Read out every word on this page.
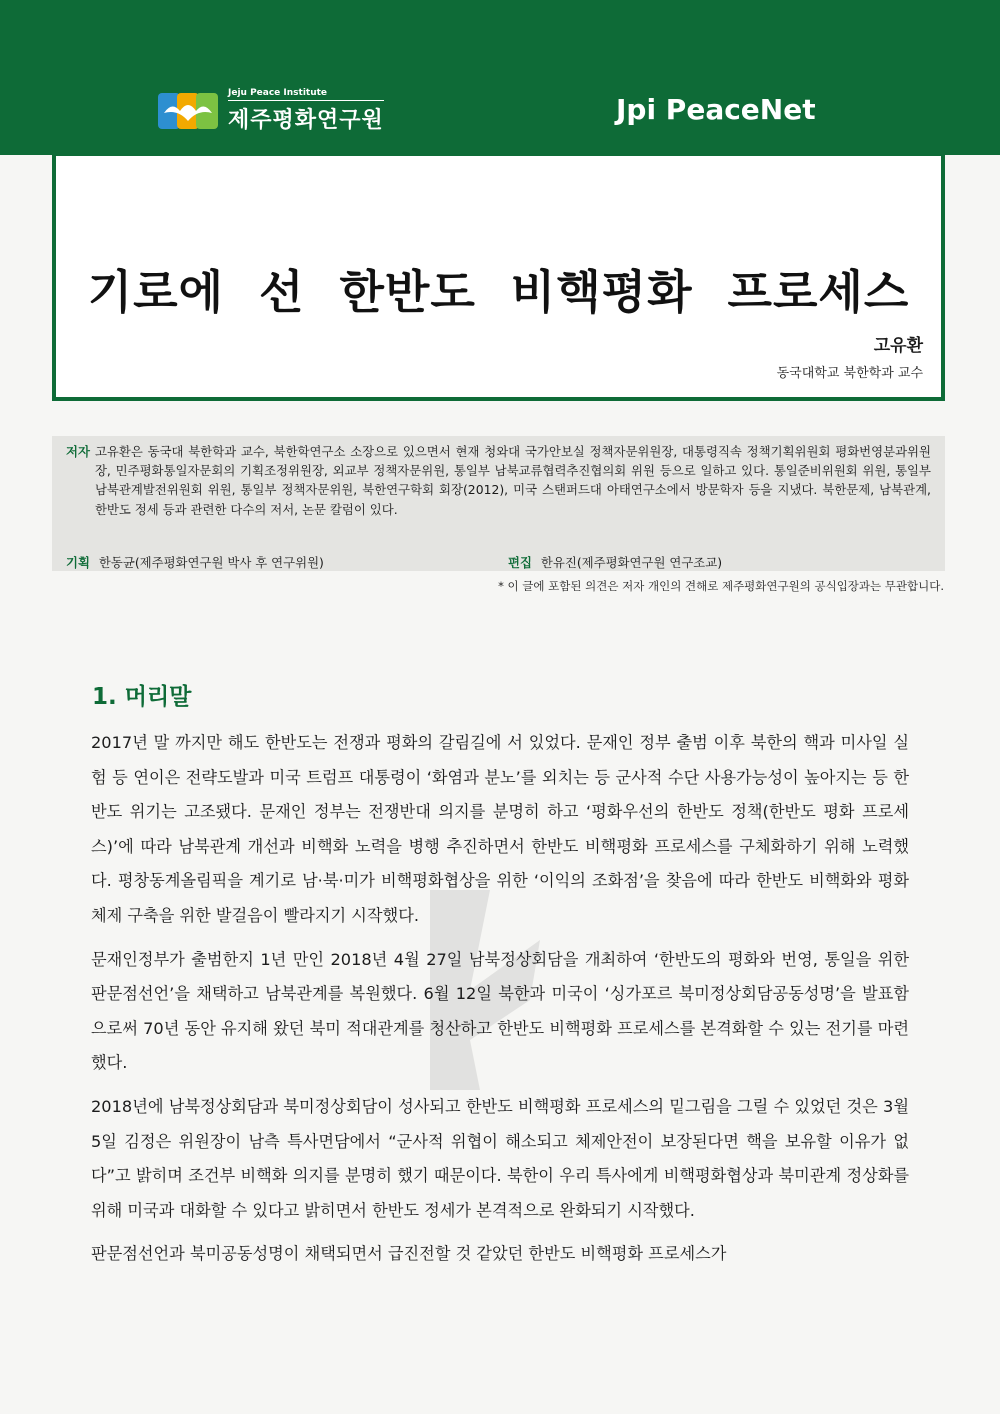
Jeju Peace Institute
제주평화연구원	Jpi PeaceNet
기로에 선 한반도 비핵평화 프로세스
고유환
동국대학교 북한학과 교수
저자 고유환은 동국대 북한학과 교수, 북한학연구소 소장으로 있으면서 현재 청와대 국가안보실 정책자문위원장, 대통령직속 정책기획위원회 평화번영분과위원장, 민주평화통일자문회의 기획조정위원장, 외교부 정책자문위원, 통일부 남북교류협력추진협의회 위원 등으로 일하고 있다. 통일준비위원회 위원, 통일부 남북관계발전위원회 위원, 통일부 정책자문위원, 북한연구학회 회장(2012), 미국 스탠퍼드대 아태연구소에서 방문학자 등을 지냈다. 북한문제, 남북관계, 한반도 정세 등과 관련한 다수의 저서, 논문 칼럼이 있다.
기획 한동균(제주평화연구원 박사 후 연구위원)	편집 한유진(제주평화연구원 연구조교)
* 이 글에 포함된 의견은 저자 개인의 견해로 제주평화연구원의 공식입장과는 무관합니다.
1. 머리말

2017년 말 까지만 해도 한반도는 전쟁과 평화의 갈림길에 서 있었다. 문재인 정부 출범 이후 북한의 핵과 미사일 실험 등 연이은 전략도발과 미국 트럼프 대통령이 ‘화염과 분노’를 외치는 등 군사적 수단 사용가능성이 높아지는 등 한반도 위기는 고조됐다. 문재인 정부는 전쟁반대 의지를 분명히 하고 ‘평화우선의 한반도 정책(한반도 평화 프로세스)’에 따라 남북관계 개선과 비핵화 노력을 병행 추진하면서 한반도 비핵평화 프로세스를 구체화하기 위해 노력했다. 평창동계올림픽을 계기로 남·북·미가 비핵평화협상을 위한 ‘이익의 조화점’을 찾음에 따라 한반도 비핵화와 평화체제 구축을 위한 발걸음이 빨라지기 시작했다.

문재인정부가 출범한지 1년 만인 2018년 4월 27일 남북정상회담을 개최하여 ‘한반도의 평화와 번영, 통일을 위한 판문점선언’을 채택하고 남북관계를 복원했다. 6월 12일 북한과 미국이 ‘싱가포르 북미정상회담공동성명’을 발표함으로써 70년 동안 유지해 왔던 북미 적대관계를 청산하고 한반도 비핵평화 프로세스를 본격화할 수 있는 전기를 마련했다.

2018년에 남북정상회담과 북미정상회담이 성사되고 한반도 비핵평화 프로세스의 밑그림을 그릴 수 있었던 것은 3월 5일 김정은 위원장이 남측 특사면담에서 “군사적 위협이 해소되고 체제안전이 보장된다면 핵을 보유할 이유가 없다”고 밝히며 조건부 비핵화 의지를 분명히 했기 때문이다. 북한이 우리 특사에게 비핵평화협상과 북미관계 정상화를 위해 미국과 대화할 수 있다고 밝히면서 한반도 정세가 본격적으로 완화되기 시작했다.

판문점선언과 북미공동성명이 채택되면서 급진전할 것 같았던 한반도 비핵평화 프로세스가
